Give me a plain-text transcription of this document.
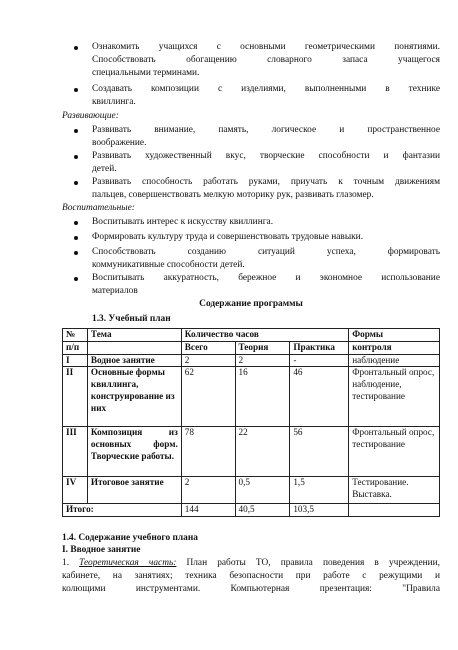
Ознакомить учащихся с основными геометрическими понятиями.

Способствовать обогащению словарного запаса учащегося

специальными терминами.

Создавать композиции с изделиями, выполненными в технике

квиллинга.

Развивающие:

Развивать внимание, память, логическое и пространственное

воображение.

Развивать художественный вкус, творческие способности и фантазии

детей.

Развивать способность работать руками, приучать к точным движениям

пальцев, совершенствовать мелкую моторику рук, развивать глазомер.

Воспитательные:

Воспитывать интерес к искусству квиллинга.

Формировать культуру труда и совершенствовать трудовые навыки.

Способствовать созданию ситуаций успеха, формировать

коммуникативные способности детей.

Воспитывать аккуратность, бережное и экономное использование

материалов

Содержание программы

1.3. Учебный план

№	Тема	Количество часов			Формы
п/п		Всего	Теория	Практика	контроля
I	Водное занятие	2	2	-	наблюдение
II	Основные формы квиллинга, конструирование из них	62	16	46	Фронтальный опрос, наблюдение, тестирование
III	Композиция из основных форм. Творческие работы.	78	22	56	Фронтальный опрос, тестирование
IV	Итоговое занятие	2	0,5	1,5	Тестирование. Выставка.
Итого:		144	40,5	103,5	

1.4. Содержание учебного плана

I. Вводное занятие

1. Теоретическая часть: План работы ТО, правила поведения в учреждении,

кабинете, на занятиях; техника безопасности при работе с режущими и

колющими инструментами. Компьютерная презентация: "Правила
